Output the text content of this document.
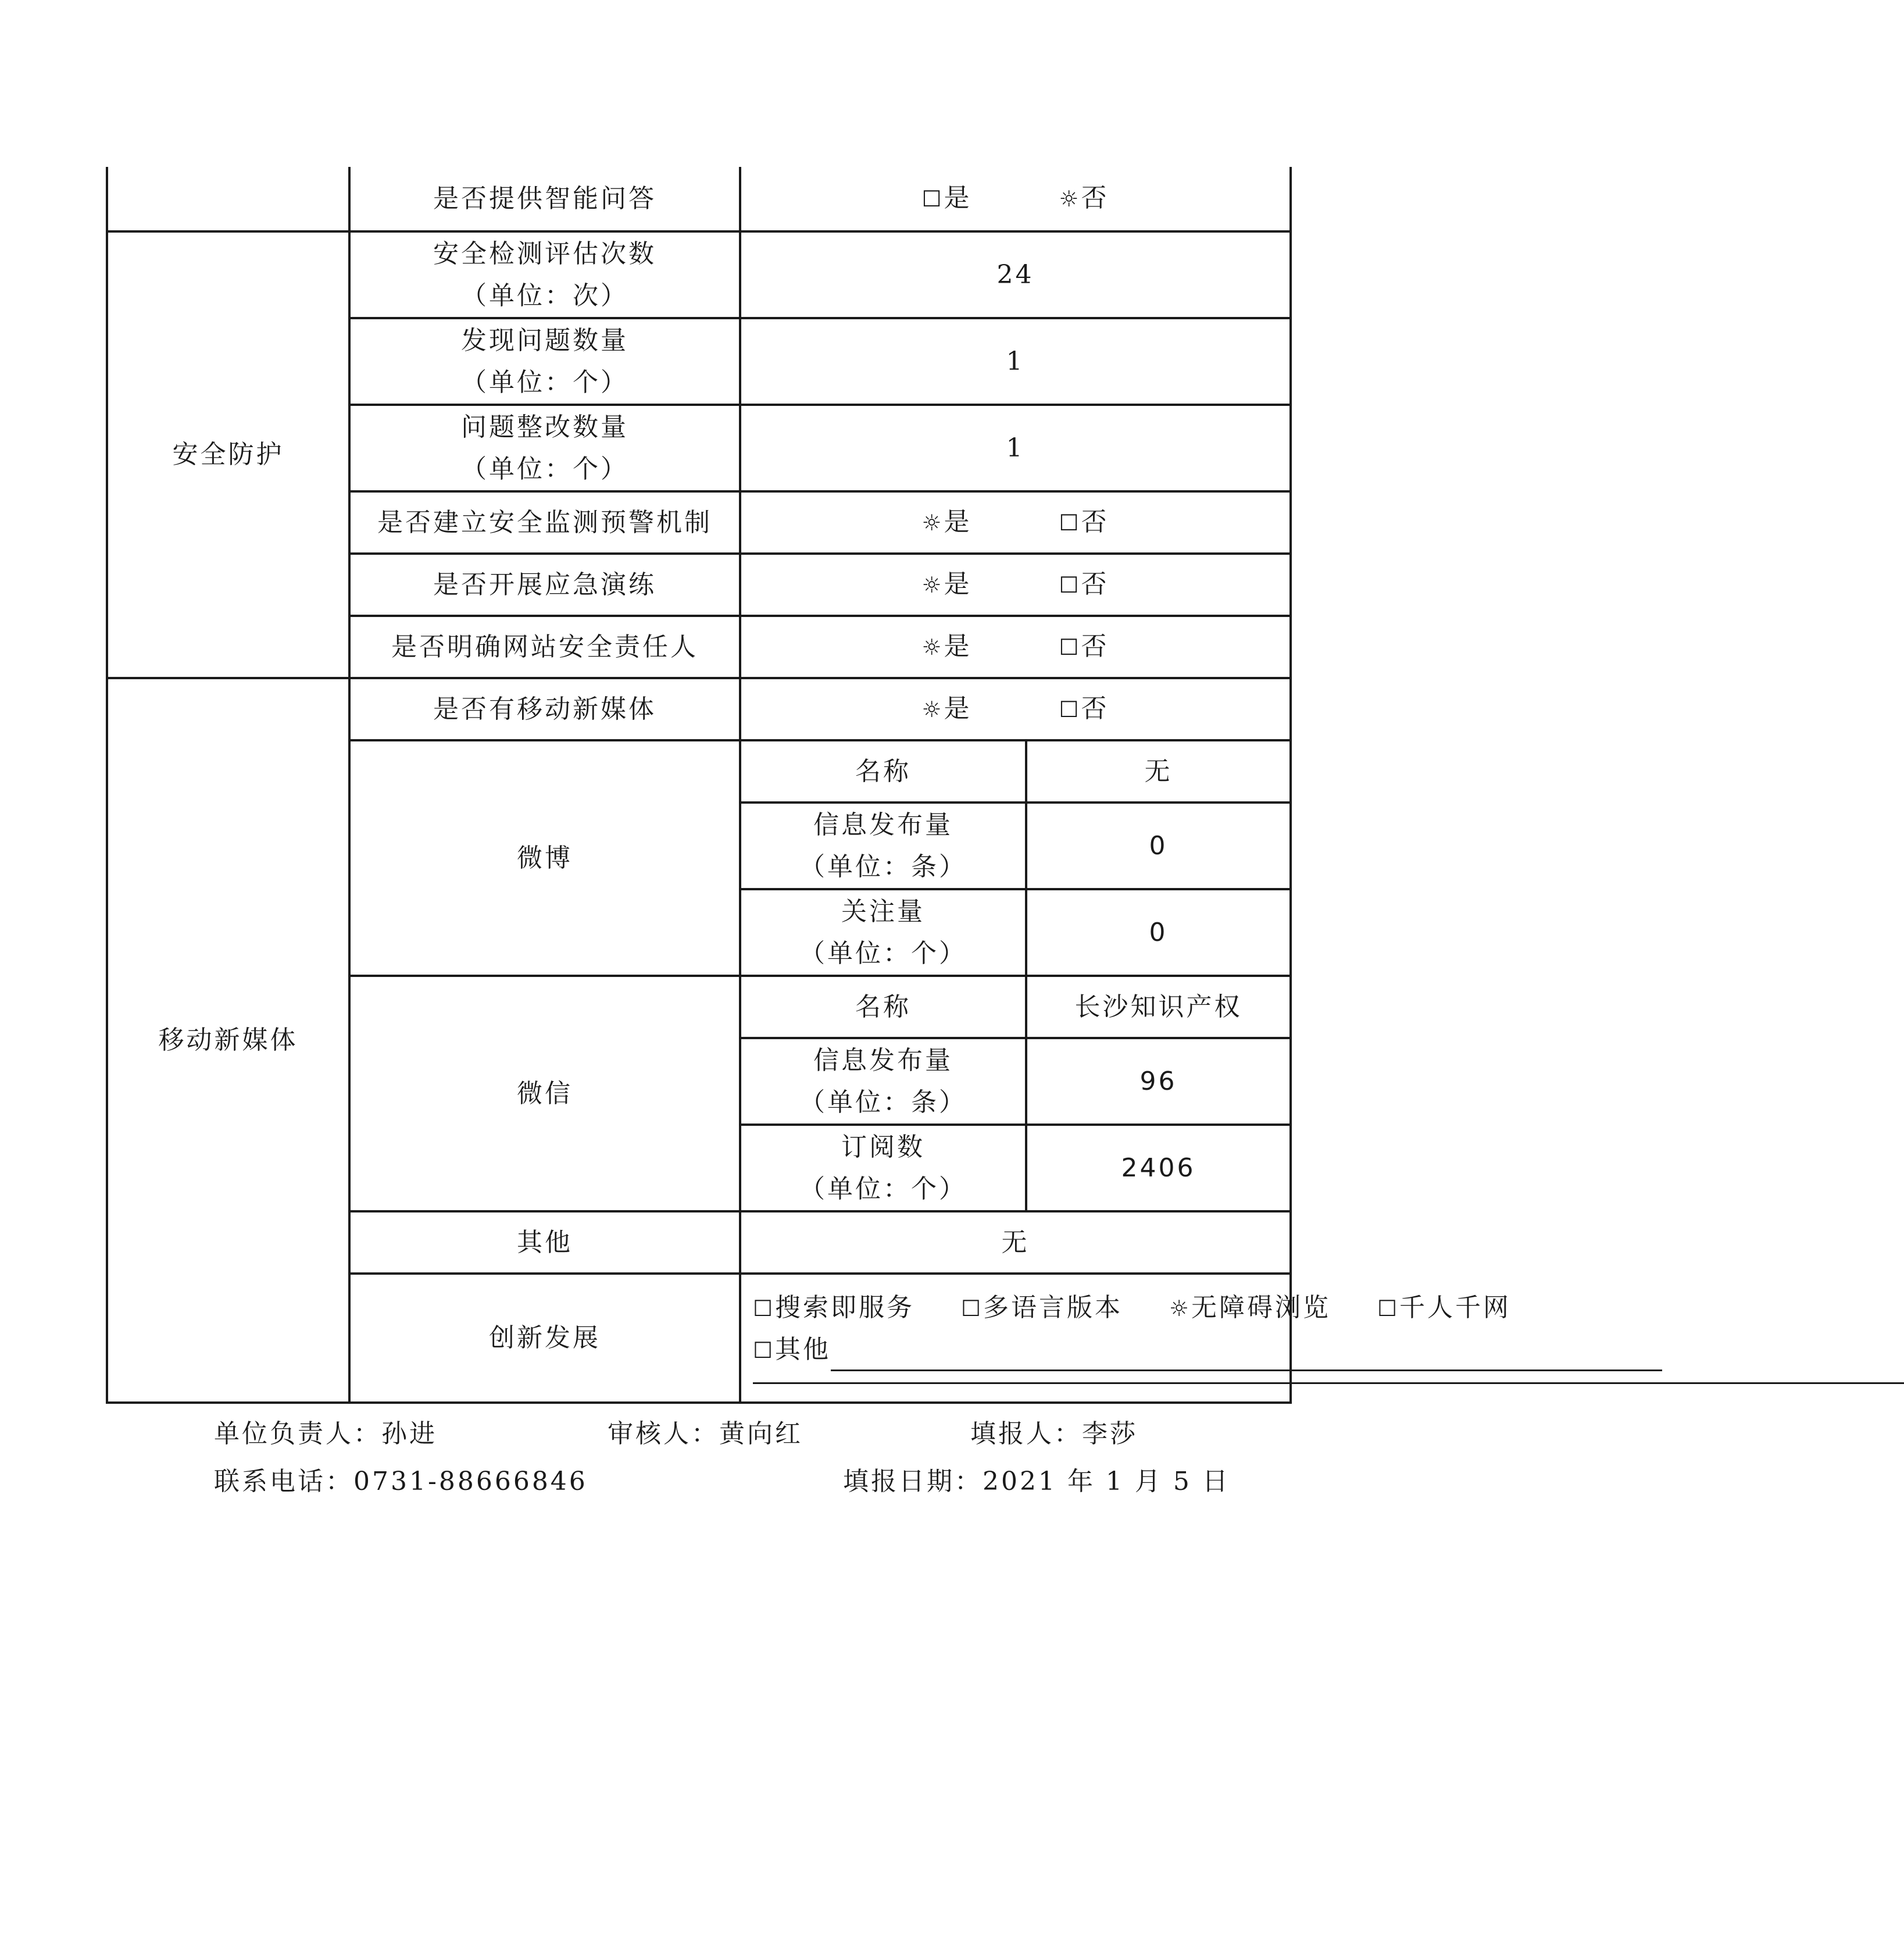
	是否提供智能问答	☐是 ☼否	
安全防护	安全检测评估次数
（单位：次）	24	

	发现问题数量
（单位：个）	1	

	问题整改数量
（单位：个）	1	
	是否建立安全监测预警机制	☼是 ☐否	
	是否开展应急演练	☼是 ☐否	
	是否明确网站安全责任人	☼是 ☐否	
移动新媒体	是否有移动新媒体	☼是 ☐否	
	微博	名称	无

		信息发布量
（单位：条）	0

		关注量
（单位：个）	0
	微信	名称	长沙知识产权

		信息发布量
（单位：条）	96

		订阅数
（单位：个）	2406
	其他	无	
	创新发展	☐搜索即服务 ☐多语言版本 ☼无障碍浏览 ☐千人千网
☐其他	
单位负责人：孙进	审核人：黄向红	填报人：李莎
联系电话：0731-88666846	填报日期：2021 年 1 月 5 日
